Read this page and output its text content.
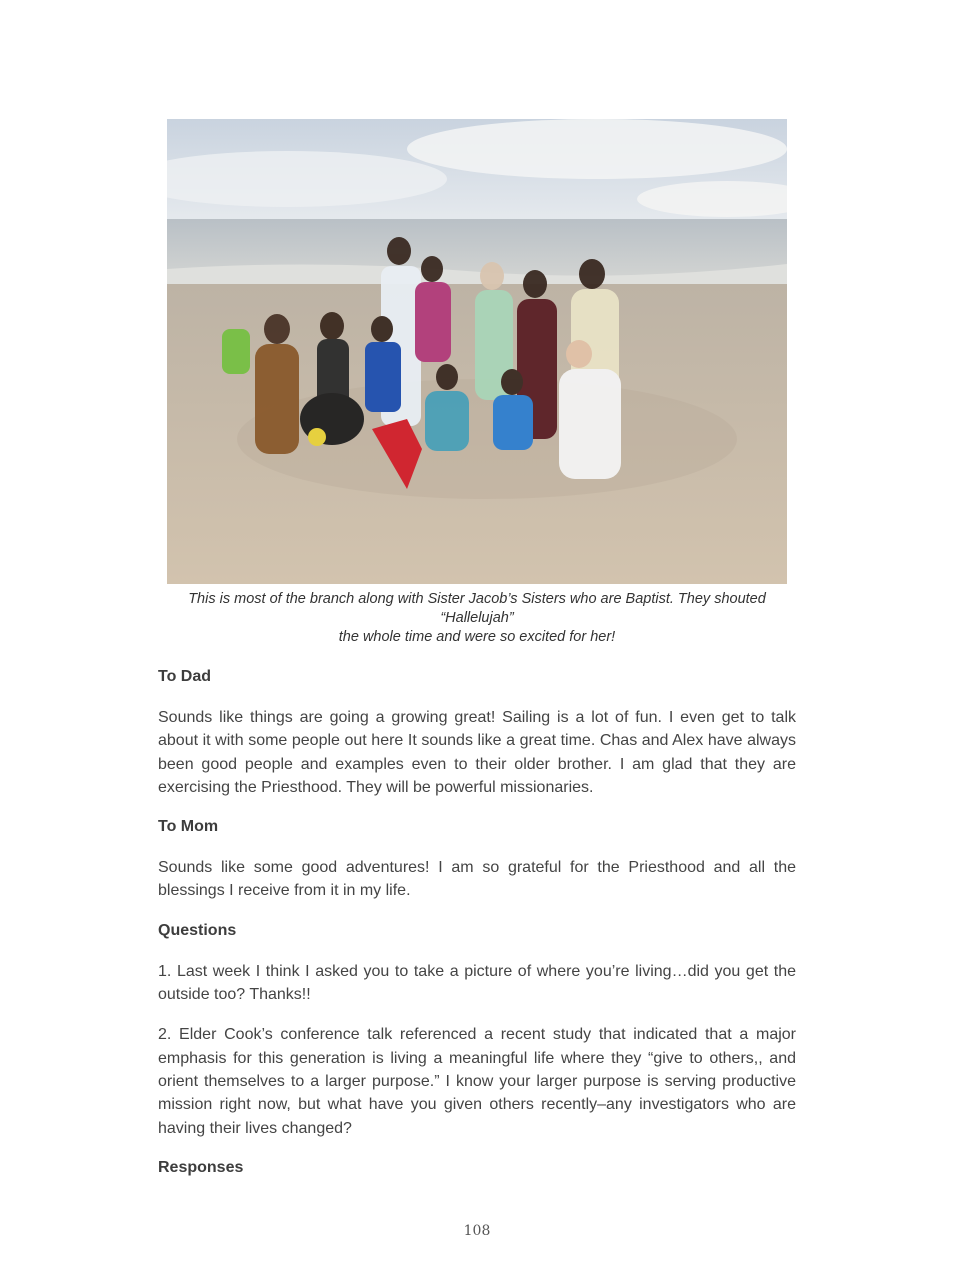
This is most of the branch along with Sister Jacob’s Sisters who are Baptist. They shouted “Hallelujah”
the whole time and were so excited for her!
To Dad

Sounds like things are going a growing great! Sailing is a lot of fun. I even get to talk about it with some people out here It sounds like a great time. Chas and Alex have always been good people and examples even to their older brother. I am glad that they are exercising the Priesthood. They will be powerful missionaries.

To Mom

Sounds like some good adventures! I am so grateful for the Priesthood and all the blessings I receive from it in my life.

Questions

1. Last week I think I asked you to take a picture of where you’re living…did you get the outside too? Thanks!!

2. Elder Cook’s conference talk referenced a recent study that indicated that a major emphasis for this generation is living a meaningful life where they “give to others,, and orient themselves to a larger purpose.” I know your larger purpose is serving productive mission right now, but what have you given others recently–any investigators who are having their lives changed?

Responses
108
